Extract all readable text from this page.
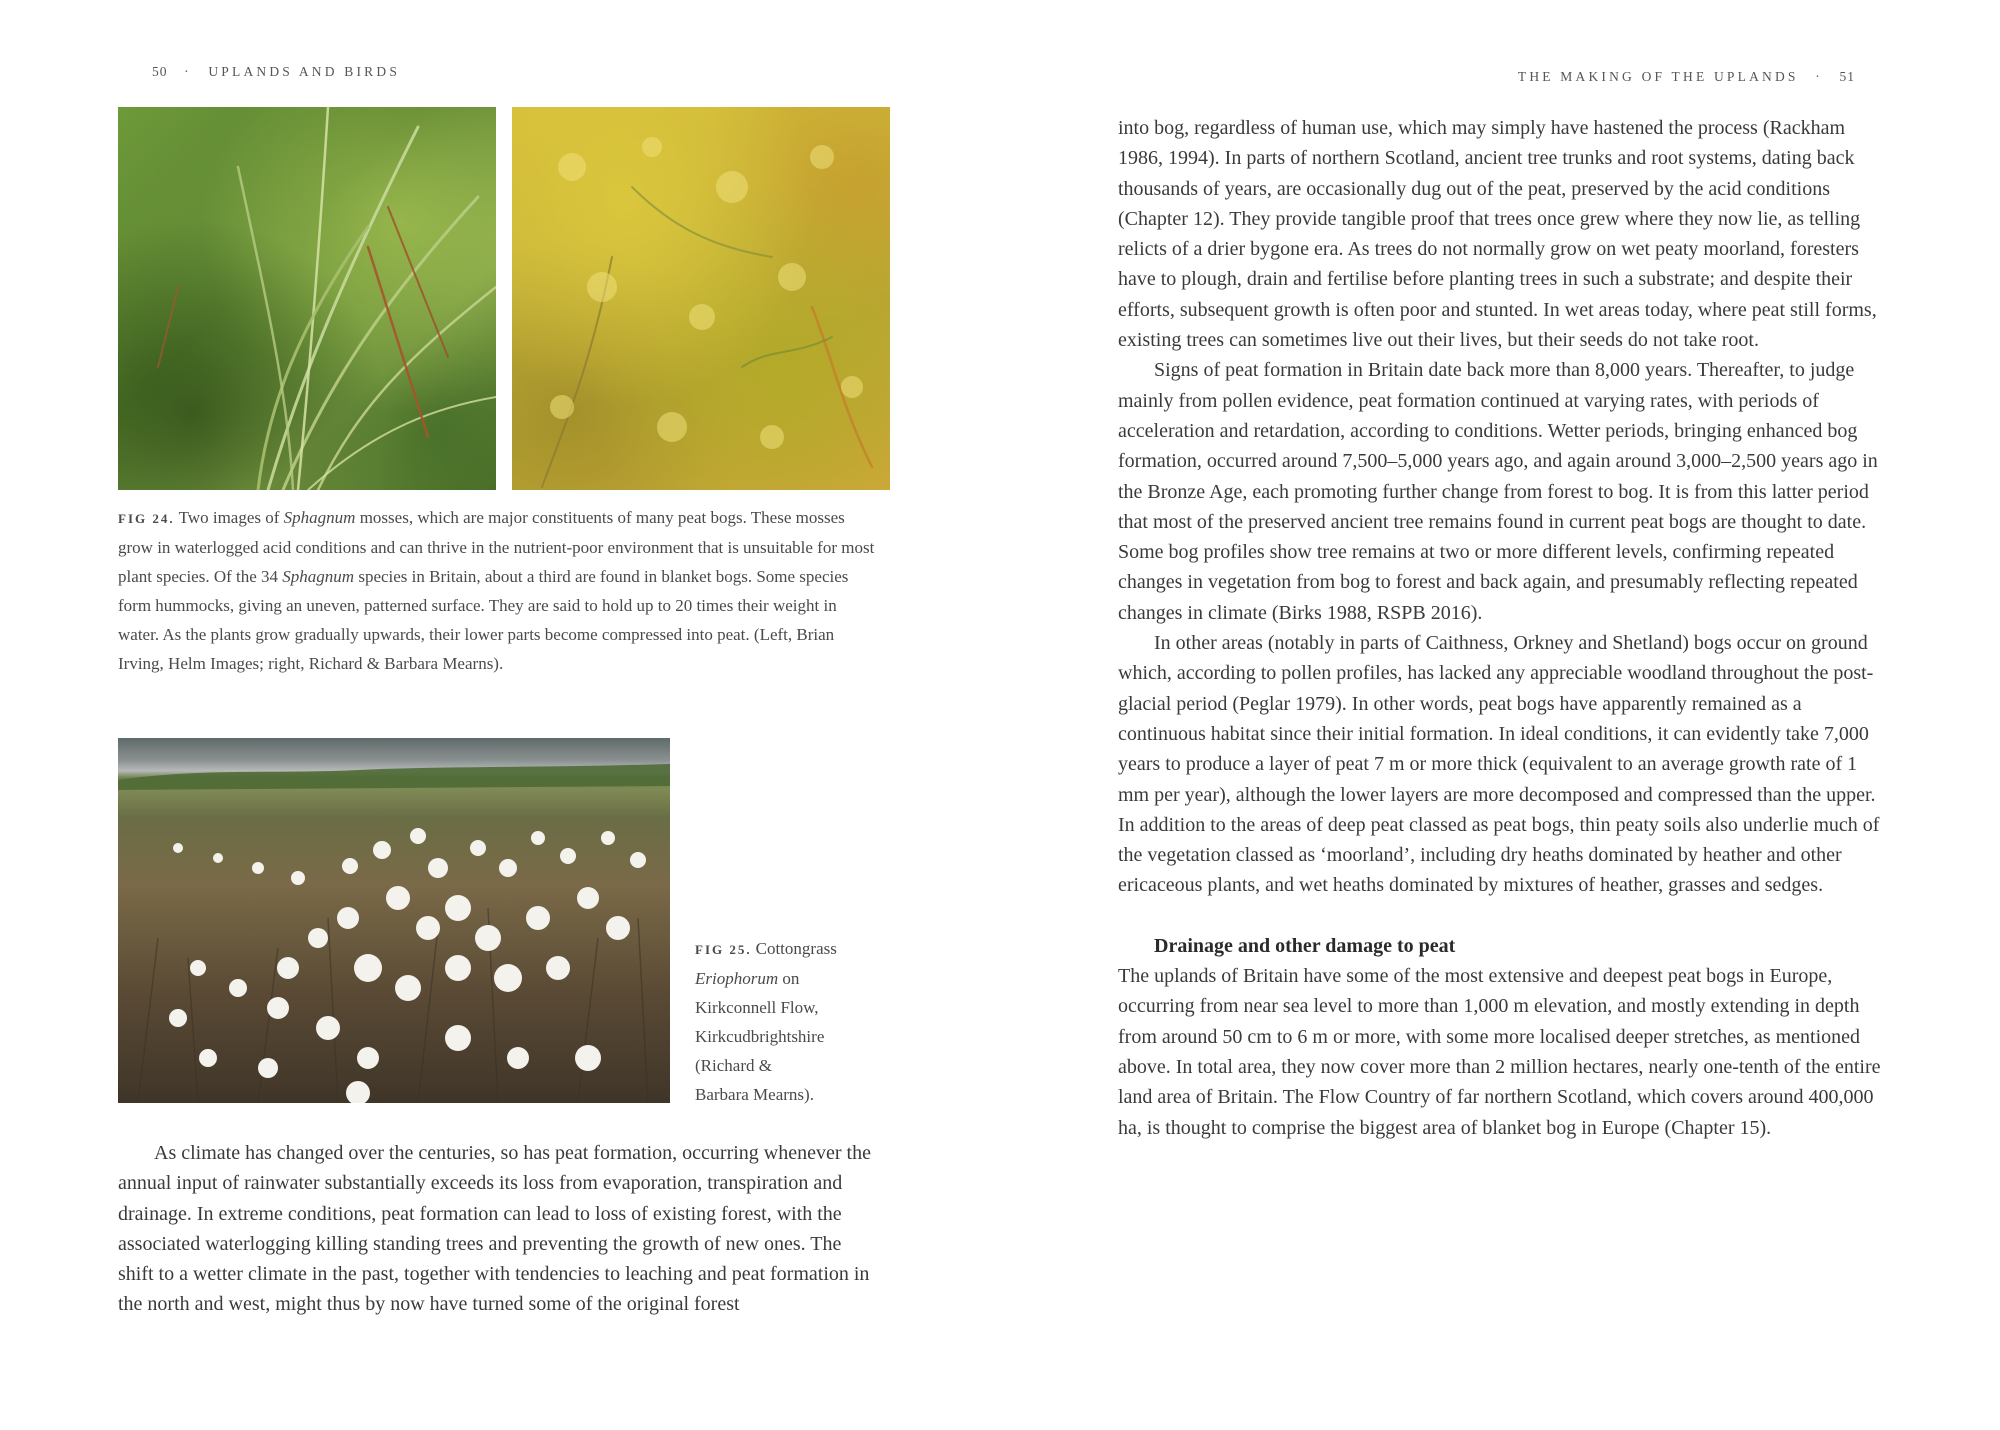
50 · UPLANDS AND BIRDS
FIG 24. Two images of Sphagnum mosses, which are major constituents of many peat bogs. These mosses grow in waterlogged acid conditions and can thrive in the nutrient-poor environment that is unsuitable for most plant species. Of the 34 Sphagnum species in Britain, about a third are found in blanket bogs. Some species form hummocks, giving an uneven, patterned surface. They are said to hold up to 20 times their weight in water. As the plants grow gradually upwards, their lower parts become compressed into peat. (Left, Brian Irving, Helm Images; right, Richard & Barbara Mearns).
FIG 25. Cottongrass
Eriophorum on
Kirkconnell Flow,
Kirkcudbrightshire
(Richard &
Barbara Mearns).

As climate has changed over the centuries, so has peat formation, occurring whenever the annual input of rainwater substantially exceeds its loss from evaporation, transpiration and drainage. In extreme conditions, peat formation can lead to loss of existing forest, with the associated waterlogging killing standing trees and preventing the growth of new ones. The shift to a wetter climate in the past, together with tendencies to leaching and peat formation in the north and west, might thus by now have turned some of the original forest

THE MAKING OF THE UPLANDS · 51

into bog, regardless of human use, which may simply have hastened the process (Rackham 1986, 1994). In parts of northern Scotland, ancient tree trunks and root systems, dating back thousands of years, are occasionally dug out of the peat, preserved by the acid conditions (Chapter 12). They provide tangible proof that trees once grew where they now lie, as telling relicts of a drier bygone era. As trees do not normally grow on wet peaty moorland, foresters have to plough, drain and fertilise before planting trees in such a substrate; and despite their efforts, subsequent growth is often poor and stunted. In wet areas today, where peat still forms, existing trees can sometimes live out their lives, but their seeds do not take root.

Signs of peat formation in Britain date back more than 8,000 years. Thereafter, to judge mainly from pollen evidence, peat formation continued at varying rates, with periods of acceleration and retardation, according to conditions. Wetter periods, bringing enhanced bog formation, occurred around 7,500–5,000 years ago, and again around 3,000–2,500 years ago in the Bronze Age, each promoting further change from forest to bog. It is from this latter period that most of the preserved ancient tree remains found in current peat bogs are thought to date. Some bog profiles show tree remains at two or more different levels, confirming repeated changes in vegetation from bog to forest and back again, and presumably reflecting repeated changes in climate (Birks 1988, RSPB 2016).

In other areas (notably in parts of Caithness, Orkney and Shetland) bogs occur on ground which, according to pollen profiles, has lacked any appreciable woodland throughout the post-glacial period (Peglar 1979). In other words, peat bogs have apparently remained as a continuous habitat since their initial formation. In ideal conditions, it can evidently take 7,000 years to produce a layer of peat 7 m or more thick (equivalent to an average growth rate of 1 mm per year), although the lower layers are more decomposed and compressed than the upper. In addition to the areas of deep peat classed as peat bogs, thin peaty soils also underlie much of the vegetation classed as ‘moorland’, including dry heaths dominated by heather and other ericaceous plants, and wet heaths dominated by mixtures of heather, grasses and sedges.

Drainage and other damage to peat

The uplands of Britain have some of the most extensive and deepest peat bogs in Europe, occurring from near sea level to more than 1,000 m elevation, and mostly extending in depth from around 50 cm to 6 m or more, with some more localised deeper stretches, as mentioned above. In total area, they now cover more than 2 million hectares, nearly one-tenth of the entire land area of Britain. The Flow Country of far northern Scotland, which covers around 400,000 ha, is thought to comprise the biggest area of blanket bog in Europe (Chapter 15).
